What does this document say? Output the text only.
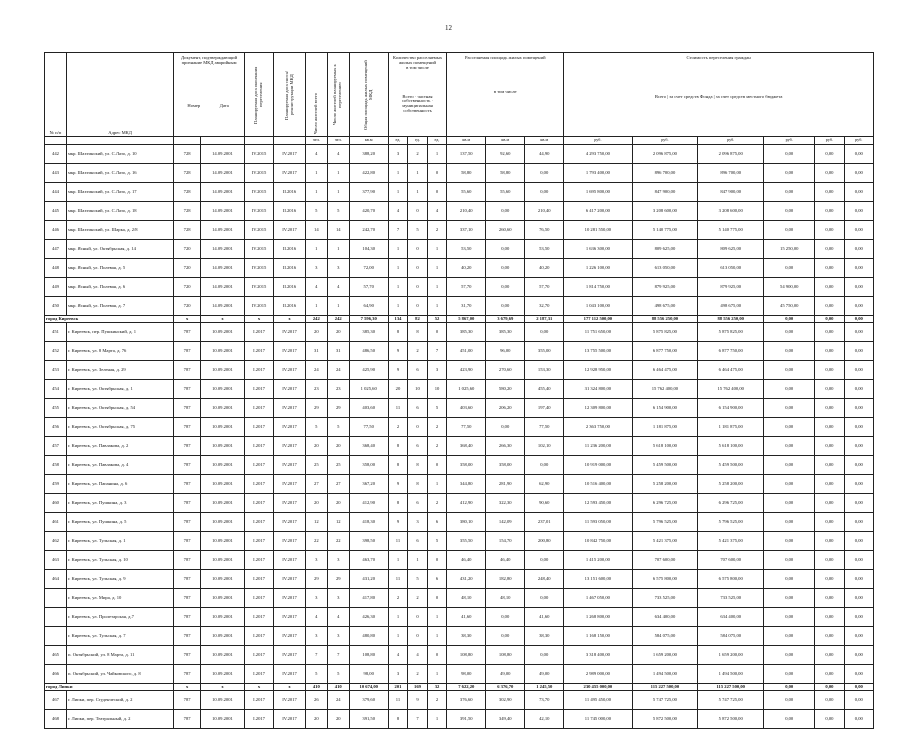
12
№ п/п	Адрес МКД	Документ, подтверждающий признание МКД аварийным

Номер Дата		Планируемая дата окончания переселения	Планируемая дата сноса/ реконструкции МКД	Число жителей всего	Число жителей планируемых к переселению	Общая площадь жилых помещений МКД	Количество расселяемых жилых помещений
в том числе

Всего · частная собственность · муниципальная собственность			Расселяемая площадь жилых помещений

в том числе			Стоимость переселения граждан

Всего | за счет средств Фонда | за счет средств местного бюджета					
						чел.	чел.	кв.м	ед.	ед.	ед.	кв.м	кв.м	кв.м	руб.	руб.	руб.	руб.	руб.	руб.
442	мкр. Шахтинский, ул. С.Лазо, д. 10	728	14.09.2001	IV.2015	IV.2017	4	4	388,20	3	2	1	137,50	92,60	44,90	4 293 750,00	2 096 875,00	2 096 875,00	0,00	0,00	0,00
443	мкр. Шахтинский, ул. С.Лазо, д. 16	728	14.09.2001	IV.2015	IV.2017	1	1	422,80	1	1	0	58,80	58,80	0,00	1 793 400,00	896 700,00	896 700,00	0,00	0,00	0,00
444	мкр. Шахтинский, ул. С.Лазо, д. 17	728	14.09.2001	IV.2015	II.2016	1	1	377,90	1	1	0	55,60	55,60	0,00	1 695 800,00	847 900,00	847 900,00	0,00	0,00	0,00
445	мкр. Шахтинский, ул. С.Лазо, д. 18	728	14.09.2001	IV.2015	II.2016	5	5	420,70	4	0	4	210,40	0,00	210,40	6 417 200,00	3 208 600,00	3 208 600,00	0,00	0,00	0,00
446	мкр. Шахтинский, ул. Шарка, д. 2/8	728	14.09.2001	IV.2015	IV.2017	14	14	242,70	7	5	2	337,10	260,60	76,50	10 281 550,00	5 140 775,00	5 140 775,00	0,00	0,00	0,00
447	мкр. Ясный, ул. Октябрьская, д. 14	720	14.09.2001	IV.2015	II.2016	1	1	104,30	1	0	1	53,50	0,00	53,50	1 636 300,00	809 625,00	809 625,00	15 250,00	0,00	0,00
448	мкр. Ясный, ул. Полевая, д. 5	720	14.09.2001	IV.2015	II.2016	3	3	72,00	1	0	1	40,20	0,00	40,20	1 226 100,00	613 050,00	613 050,00	0,00	0,00	0,00
449	мкр. Ясный, ул. Полевая, д. 6	720	14.09.2001	IV.2015	II.2016	4	4	57,70	1	0	1	57,70	0,00	57,70	1 814 750,00	879 925,00	879 925,00	54 900,00	0,00	0,00
450	мкр. Ясный, ул. Полевая, д. 7	720	14.09.2001	IV.2015	II.2016	1	1	64,90	1	0	1	31,70	0,00	32,70	1 043 100,00	498 675,00	498 675,00	45 750,00	0,00	0,00
город Киреевск		x	x	x	x	242	242	7 596,30	134	82	52	5 867,00	3 679,69	2 187,31	177 112 500,00	88 556 250,00	88 556 250,00	0,00	0,00	0,00
451	г. Киреевск, пер. Пушкинский, д. 1	787	10.09.2001	I.2017	IV.2017	20	20	385,30	8	8	0	385,30	385,30	0,00	11 751 650,00	5 875 825,00	5 875 825,00	0,00	0,00	0,00
452	г. Киреевск, ул. 8 Марта, д. 76	787	10.09.2001	I.2017	IV.2017	31	31	486,50	9	2	7	451,00	96,00	355,00	13 755 500,00	6 877 750,00	6 877 750,00	0,00	0,00	0,00
453	г. Киреевск, ул. Зеленая, д. 29	787	10.09.2001	I.2017	IV.2017	24	24	425,90	9	6	3	423,90	270,60	153,30	12 928 950,00	6 464 475,00	6 464 475,00	0,00	0,00	0,00
454	г. Киреевск, ул. Октябрьская, д. 1	787	10.09.2001	I.2017	IV.2017	23	23	1 025,60	20	10	10	1 025,60	580,20	455,40	31 324 800,00	15 762 400,00	15 762 400,00	0,00	0,00	0,00
455	г. Киреевск, ул. Октябрьская, д. 54	787	10.09.2001	I.2017	IV.2017	29	29	403,60	11	6	5	403,60	206,20	197,40	12 309 800,00	6 154 900,00	6 154 900,00	0,00	0,00	0,00
456	г. Киреевск, ул. Октябрьская, д. 75	787	10.09.2001	I.2017	IV.2017	5	5	77,50	2	0	2	77,50	0,00	77,50	2 363 750,00	1 181 875,00	1 181 875,00	0,00	0,00	0,00
457	г. Киреевск, ул. Павлакова, д. 2	787	10.09.2001	I.2017	IV.2017	20	20	368,40	8	6	2	368,40	266,30	102,10	11 236 200,00	5 618 100,00	5 618 100,00	0,00	0,00	0,00
458	г. Киреевск, ул. Павлакова, д. 4	787	10.09.2001	I.2017	IV.2017	25	25	358,00	8	8	0	358,00	358,00	0,00	10 919 000,00	5 459 500,00	5 459 500,00	0,00	0,00	0,00
459	г. Киреевск, ул. Папанина, д. 6	787	10.09.2001	I.2017	IV.2017	27	27	367,20	9	8	1	344,80	281,90	62,90	10 516 400,00	5 258 200,00	5 258 200,00	0,00	0,00	0,00
460	г. Киреевск, ул. Пушкина, д. 3	787	10.09.2001	I.2017	IV.2017	20	20	412,90	8	6	2	412,90	322,30	90,60	12 593 450,00	6 296 725,00	6 296 725,00	0,00	0,00	0,00
461	г. Киреевск, ул. Пушкина, д. 5	787	10.09.2001	I.2017	IV.2017	12	12	418,30	9	3	6	380,10	142,09	237,01	11 593 050,00	5 796 525,00	5 796 525,00	0,00	0,00	0,00
462	г. Киреевск, ул. Тульская, д. 1	787	10.09.2001	I.2017	IV.2017	22	22	398,50	11	6	5	355,50	154,70	200,80	10 842 750,00	5 421 375,00	5 421 375,00	0,00	0,00	0,00
463	г. Киреевск, ул. Тульская, д. 10	787	10.09.2001	I.2017	IV.2017	3	3	463,70	1	1	0	46,40	46,40	0,00	1 415 200,00	707 600,00	707 600,00	0,00	0,00	0,00
464	г. Киреевск, ул. Тульская, д. 9	787	10.09.2001	I.2017	IV.2017	29	29	431,20	11	5	6	431,20	182,80	248,40	13 151 600,00	6 575 800,00	6 575 800,00	0,00	0,00	0,00
	г. Киреевск, ул. Мира, д. 10	787	10.09.2001	I.2017	IV.2017	3	3	417,80	2	2	0	48,10	48,10	0,00	1 467 050,00	733 525,00	733 525,00	0,00	0,00	0,00
	г. Киреевск, ул. Пролетарская, д.7	787	10.09.2001	I.2017	IV.2017	4	4	426,30	1	0	1	41,60	0,00	41,60	1 268 800,00	634 400,00	634 400,00	0,00	0,00	0,00
	г. Киреевск, ул. Тульская, д. 7	787	10.09.2001	I.2017	IV.2017	3	3	480,80	1	0	1	38,30	0,00	38,30	1 168 150,00	584 075,00	584 075,00	0,00	0,00	0,00
465	п. Октябрьский, ул. 8 Марта, д. 11	787	10.09.2001	I.2017	IV.2017	7	7	108,80	4	4	0	108,80	108,80	0,00	3 318 400,00	1 659 200,00	1 659 200,00	0,00	0,00	0,00
466	п. Октябрьский, ул. Чайковского, д. 8	787	10.09.2001	I.2017	IV.2017	5	5	98,00	3	2	1	98,00	49,00	49,00	2 989 000,00	1 494 500,00	1 494 500,00	0,00	0,00	0,00
город Липки		x	x	x	x	410	410	10 674,00	201	169	32	7 622,20	6 376,70	1 245,50	230 455 000,00	115 227 500,00	115 227 500,00	0,00	0,00	0,00
467	г. Липки, пер. Студенческий, д. 2	787	10.09.2001	I.2017	IV.2017	26	24	379,60	11	9	2	376,60	302,90	73,70	11 495 450,00	5 747 725,00	5 747 725,00	0,00	0,00	0,00
468	г. Липки, пер. Театральный, д. 2	787	10.09.2001	I.2017	IV.2017	20	20	391,50	8	7	1	391,50	349,40	42,10	11 745 000,00	5 872 500,00	5 872 500,00	0,00	0,00	0,00
